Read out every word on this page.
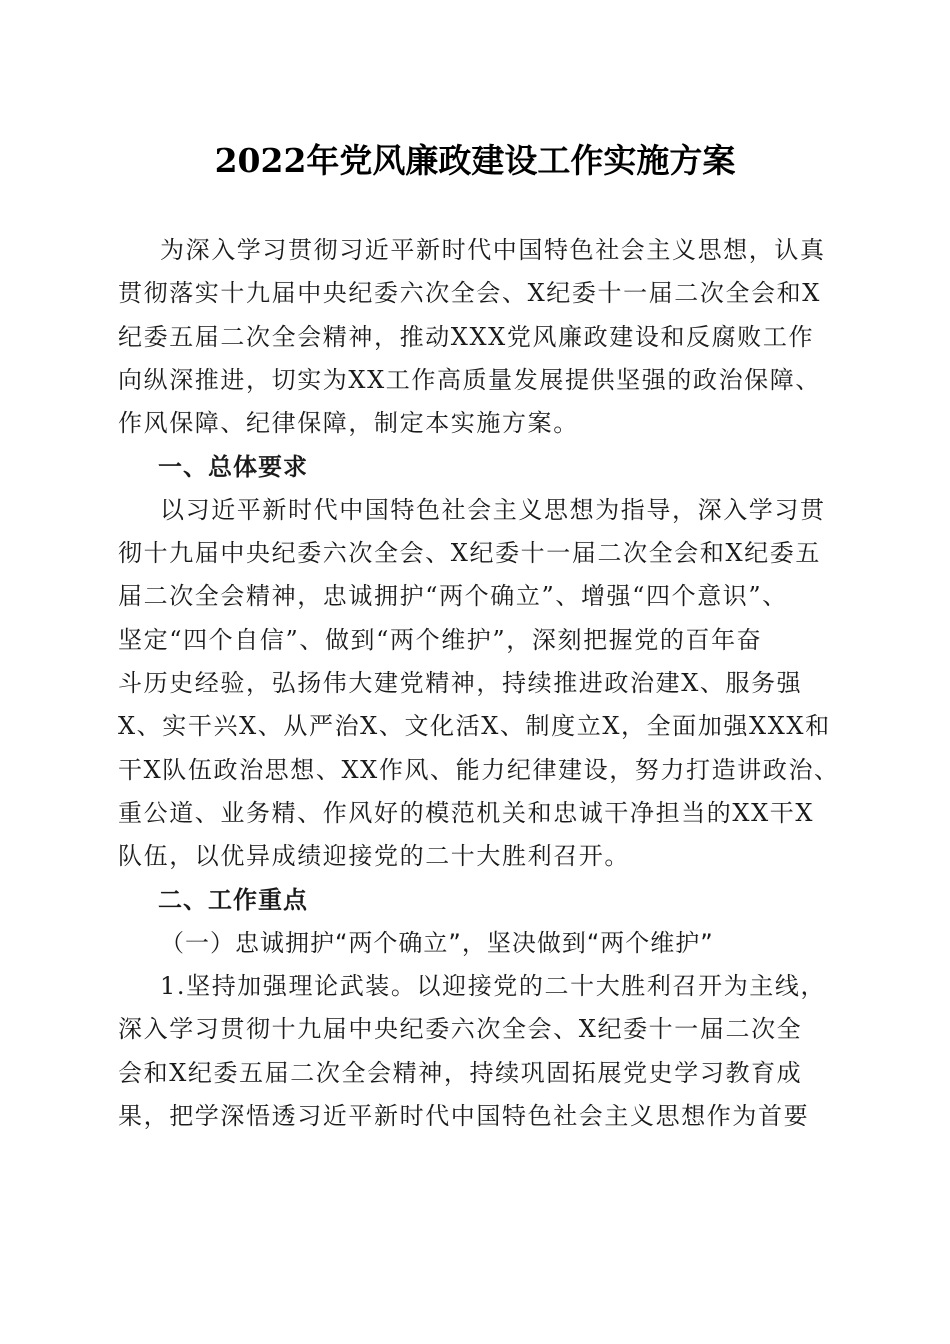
2022年党风廉政建设工作实施方案
为深入学习贯彻习近平新时代中国特色社会主义思想，认真
贯彻落实十九届中央纪委六次全会、X纪委十一届二次全会和X
纪委五届二次全会精神，推动XXX党风廉政建设和反腐败工作
向纵深推进，切实为XX工作高质量发展提供坚强的政治保障、
作风保障、纪律保障，制定本实施方案。
一、总体要求
以习近平新时代中国特色社会主义思想为指导，深入学习贯
彻十九届中央纪委六次全会、X纪委十一届二次全会和X纪委五
届二次全会精神，忠诚拥护“两个确立”、增强“四个意识”、
坚定“四个自信”、做到“两个维护”，深刻把握党的百年奋
斗历史经验，弘扬伟大建党精神，持续推进政治建X、服务强
X、实干兴X、从严治X、文化活X、制度立X，全面加强XXX和
干X队伍政治思想、XX作风、能力纪律建设，努力打造讲政治、
重公道、业务精、作风好的模范机关和忠诚干净担当的XX干X
队伍，以优异成绩迎接党的二十大胜利召开。
二、工作重点
（一）忠诚拥护“两个确立”，坚决做到“两个维护”
1.坚持加强理论武装。以迎接党的二十大胜利召开为主线，
深入学习贯彻十九届中央纪委六次全会、X纪委十一届二次全
会和X纪委五届二次全会精神，持续巩固拓展党史学习教育成
果，把学深悟透习近平新时代中国特色社会主义思想作为首要
